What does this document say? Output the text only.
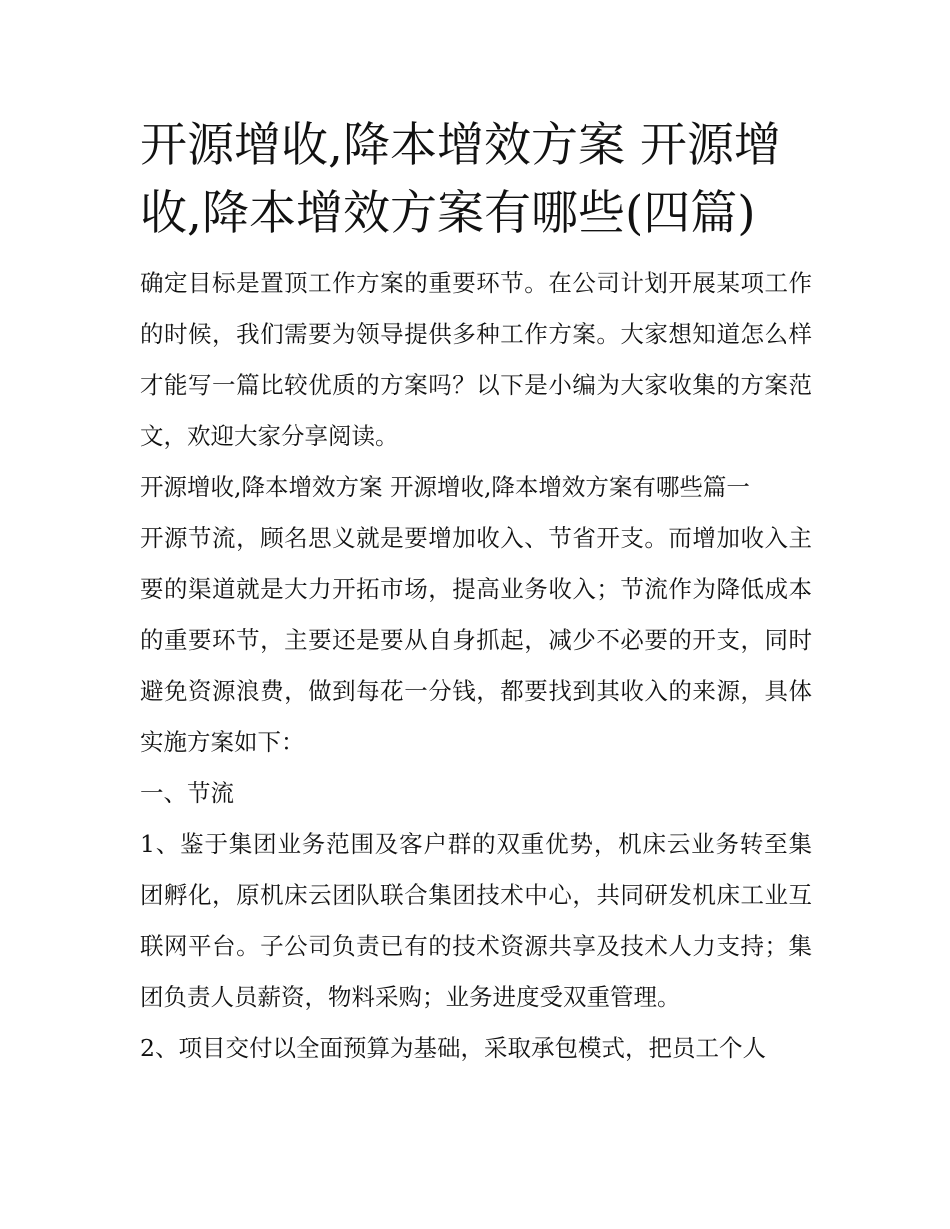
开源增收,降本增效方案 开源增收,降本增效方案有哪些(四篇)

确定目标是置顶工作方案的重要环节。在公司计划开展某项工作的时候，我们需要为领导提供多种工作方案。大家想知道怎么样才能写一篇比较优质的方案吗？以下是小编为大家收集的方案范文，欢迎大家分享阅读。

开源增收,降本增效方案 开源增收,降本增效方案有哪些篇一

开源节流，顾名思义就是要增加收入、节省开支。而增加收入主要的渠道就是大力开拓市场，提高业务收入；节流作为降低成本的重要环节，主要还是要从自身抓起，减少不必要的开支，同时避免资源浪费，做到每花一分钱，都要找到其收入的来源，具体实施方案如下：

一、节流

1、鉴于集团业务范围及客户群的双重优势，机床云业务转至集团孵化，原机床云团队联合集团技术中心，共同研发机床工业互联网平台。子公司负责已有的技术资源共享及技术人力支持；集团负责人员薪资，物料采购；业务进度受双重管理。

2、项目交付以全面预算为基础，采取承包模式，把员工个人
